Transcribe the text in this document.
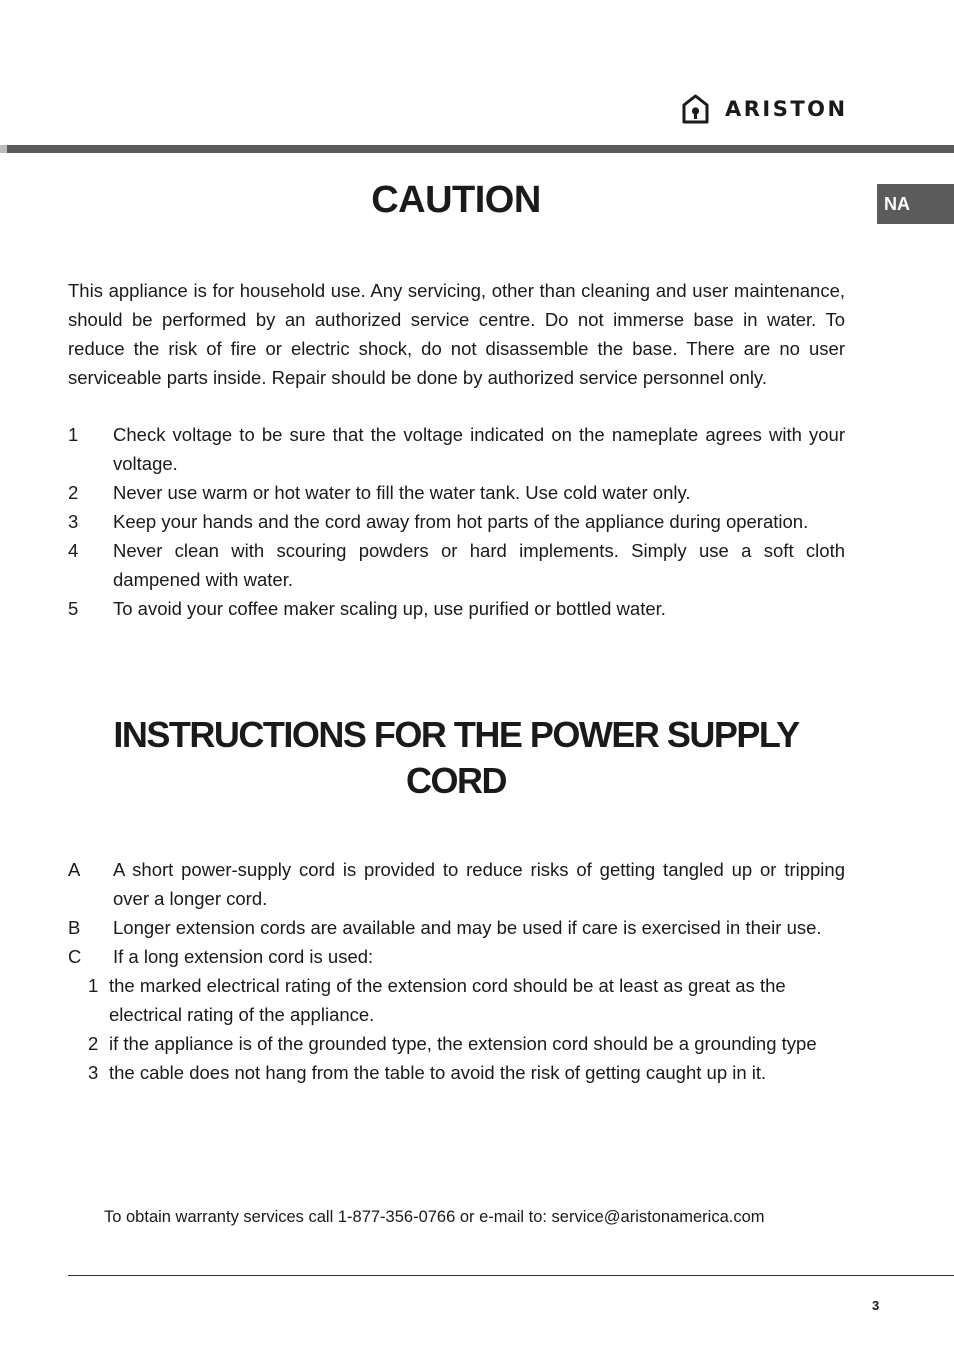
ARISTON
NA
CAUTION

This appliance is for household use. Any servicing, other than cleaning and user maintenance, should be performed by an authorized service centre. Do not immerse base in water. To reduce the risk of fire or electric shock, do not disassemble the base. There are no user serviceable parts inside. Repair should be done by authorized service personnel only.

1	Check voltage to be sure that the voltage indicated on the nameplate agrees with your voltage.
2	Never use warm or hot water to fill the water tank. Use cold water only.
3	Keep your hands and the cord away from hot parts of the appliance during operation.
4	Never clean with scouring powders or hard implements. Simply use a soft cloth dampened with water.
5	To avoid your coffee maker scaling up, use purified or bottled water.
INSTRUCTIONS FOR THE POWER SUPPLY
CORD
A	A short power-supply cord is provided to reduce risks of getting tangled up or tripping over a longer cord.
B	Longer extension cords are available and may be used if care is exercised in their use.
C	If a long extension cord is used:
1 the marked electrical rating of the extension cord should be at least as great as the electrical rating of the appliance.
2 if the appliance is of the grounded type, the extension cord should be a grounding type
3 the cable does not hang from the table to avoid the risk of getting caught up in it.
To obtain warranty services call 1-877-356-0766 or e-mail to: service@aristonamerica.com
3
